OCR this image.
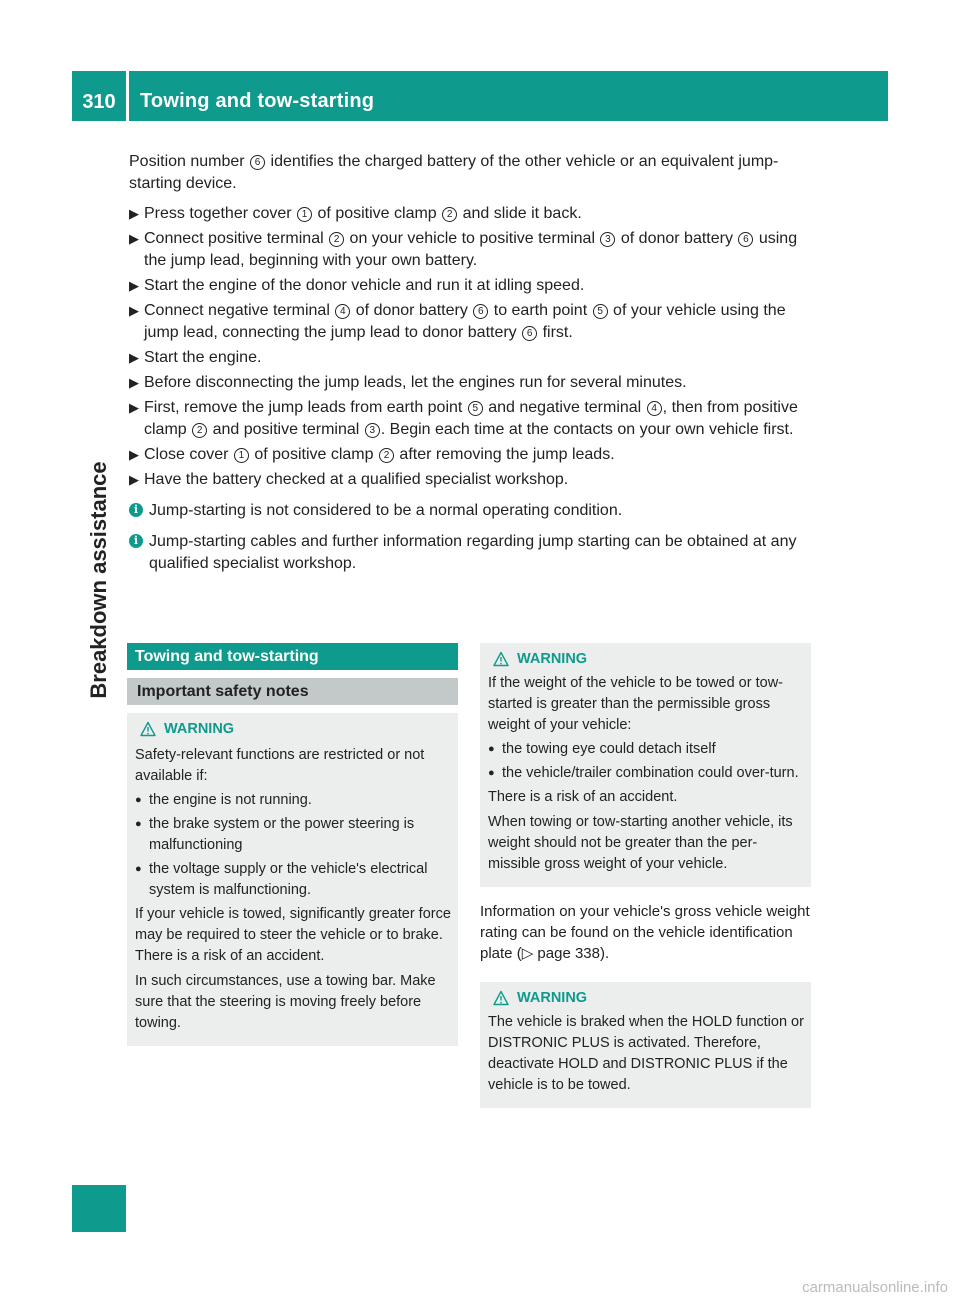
310	Towing and tow-starting
Breakdown assistance

Position number 6 identifies the charged battery of the other vehicle or an equivalent jump-starting device.

▶ Press together cover 1 of positive clamp 2 and slide it back.
▶ Connect positive terminal 2 on your vehicle to positive terminal 3 of donor battery 6 using the jump lead, beginning with your own battery.
▶ Start the engine of the donor vehicle and run it at idling speed.
▶ Connect negative terminal 4 of donor battery 6 to earth point 5 of your vehicle using the jump lead, connecting the jump lead to donor battery 6 first.
▶ Start the engine.
▶ Before disconnecting the jump leads, let the engines run for several minutes.
▶ First, remove the jump leads from earth point 5 and negative terminal 4 , then from positive clamp 2 and positive terminal 3 . Begin each time at the contacts on your own vehicle first.
▶ Close cover 1 of positive clamp 2 after removing the jump leads.
▶ Have the battery checked at a qualified specialist workshop.
i Jump-starting is not considered to be a normal operating condition.
i Jump-starting cables and further information regarding jump starting can be obtained at any qualified specialist workshop.
Towing and tow-starting
Important safety notes
WARNING

Safety-relevant functions are restricted or not available if:

● the engine is not running.
● the brake system or the power steering is malfunctioning
● the voltage supply or the vehicle's electrical system is malfunctioning.

If your vehicle is towed, significantly greater force may be required to steer the vehicle or to brake. There is a risk of an accident.

In such circumstances, use a towing bar. Make sure that the steering is moving freely before towing.

WARNING

If the weight of the vehicle to be towed or tow-started is greater than the permissible gross weight of your vehicle:

● the towing eye could detach itself
● the vehicle/trailer combination could over-turn.

There is a risk of an accident.

When towing or tow-starting another vehicle, its weight should not be greater than the per-missible gross weight of your vehicle.

Information on your vehicle's gross vehicle weight rating can be found on the vehicle identification plate (▷ page 338).

WARNING

The vehicle is braked when the HOLD function or DISTRONIC PLUS is activated. Therefore, deactivate HOLD and DISTRONIC PLUS if the vehicle is to be towed.

carmanualsonline.info
